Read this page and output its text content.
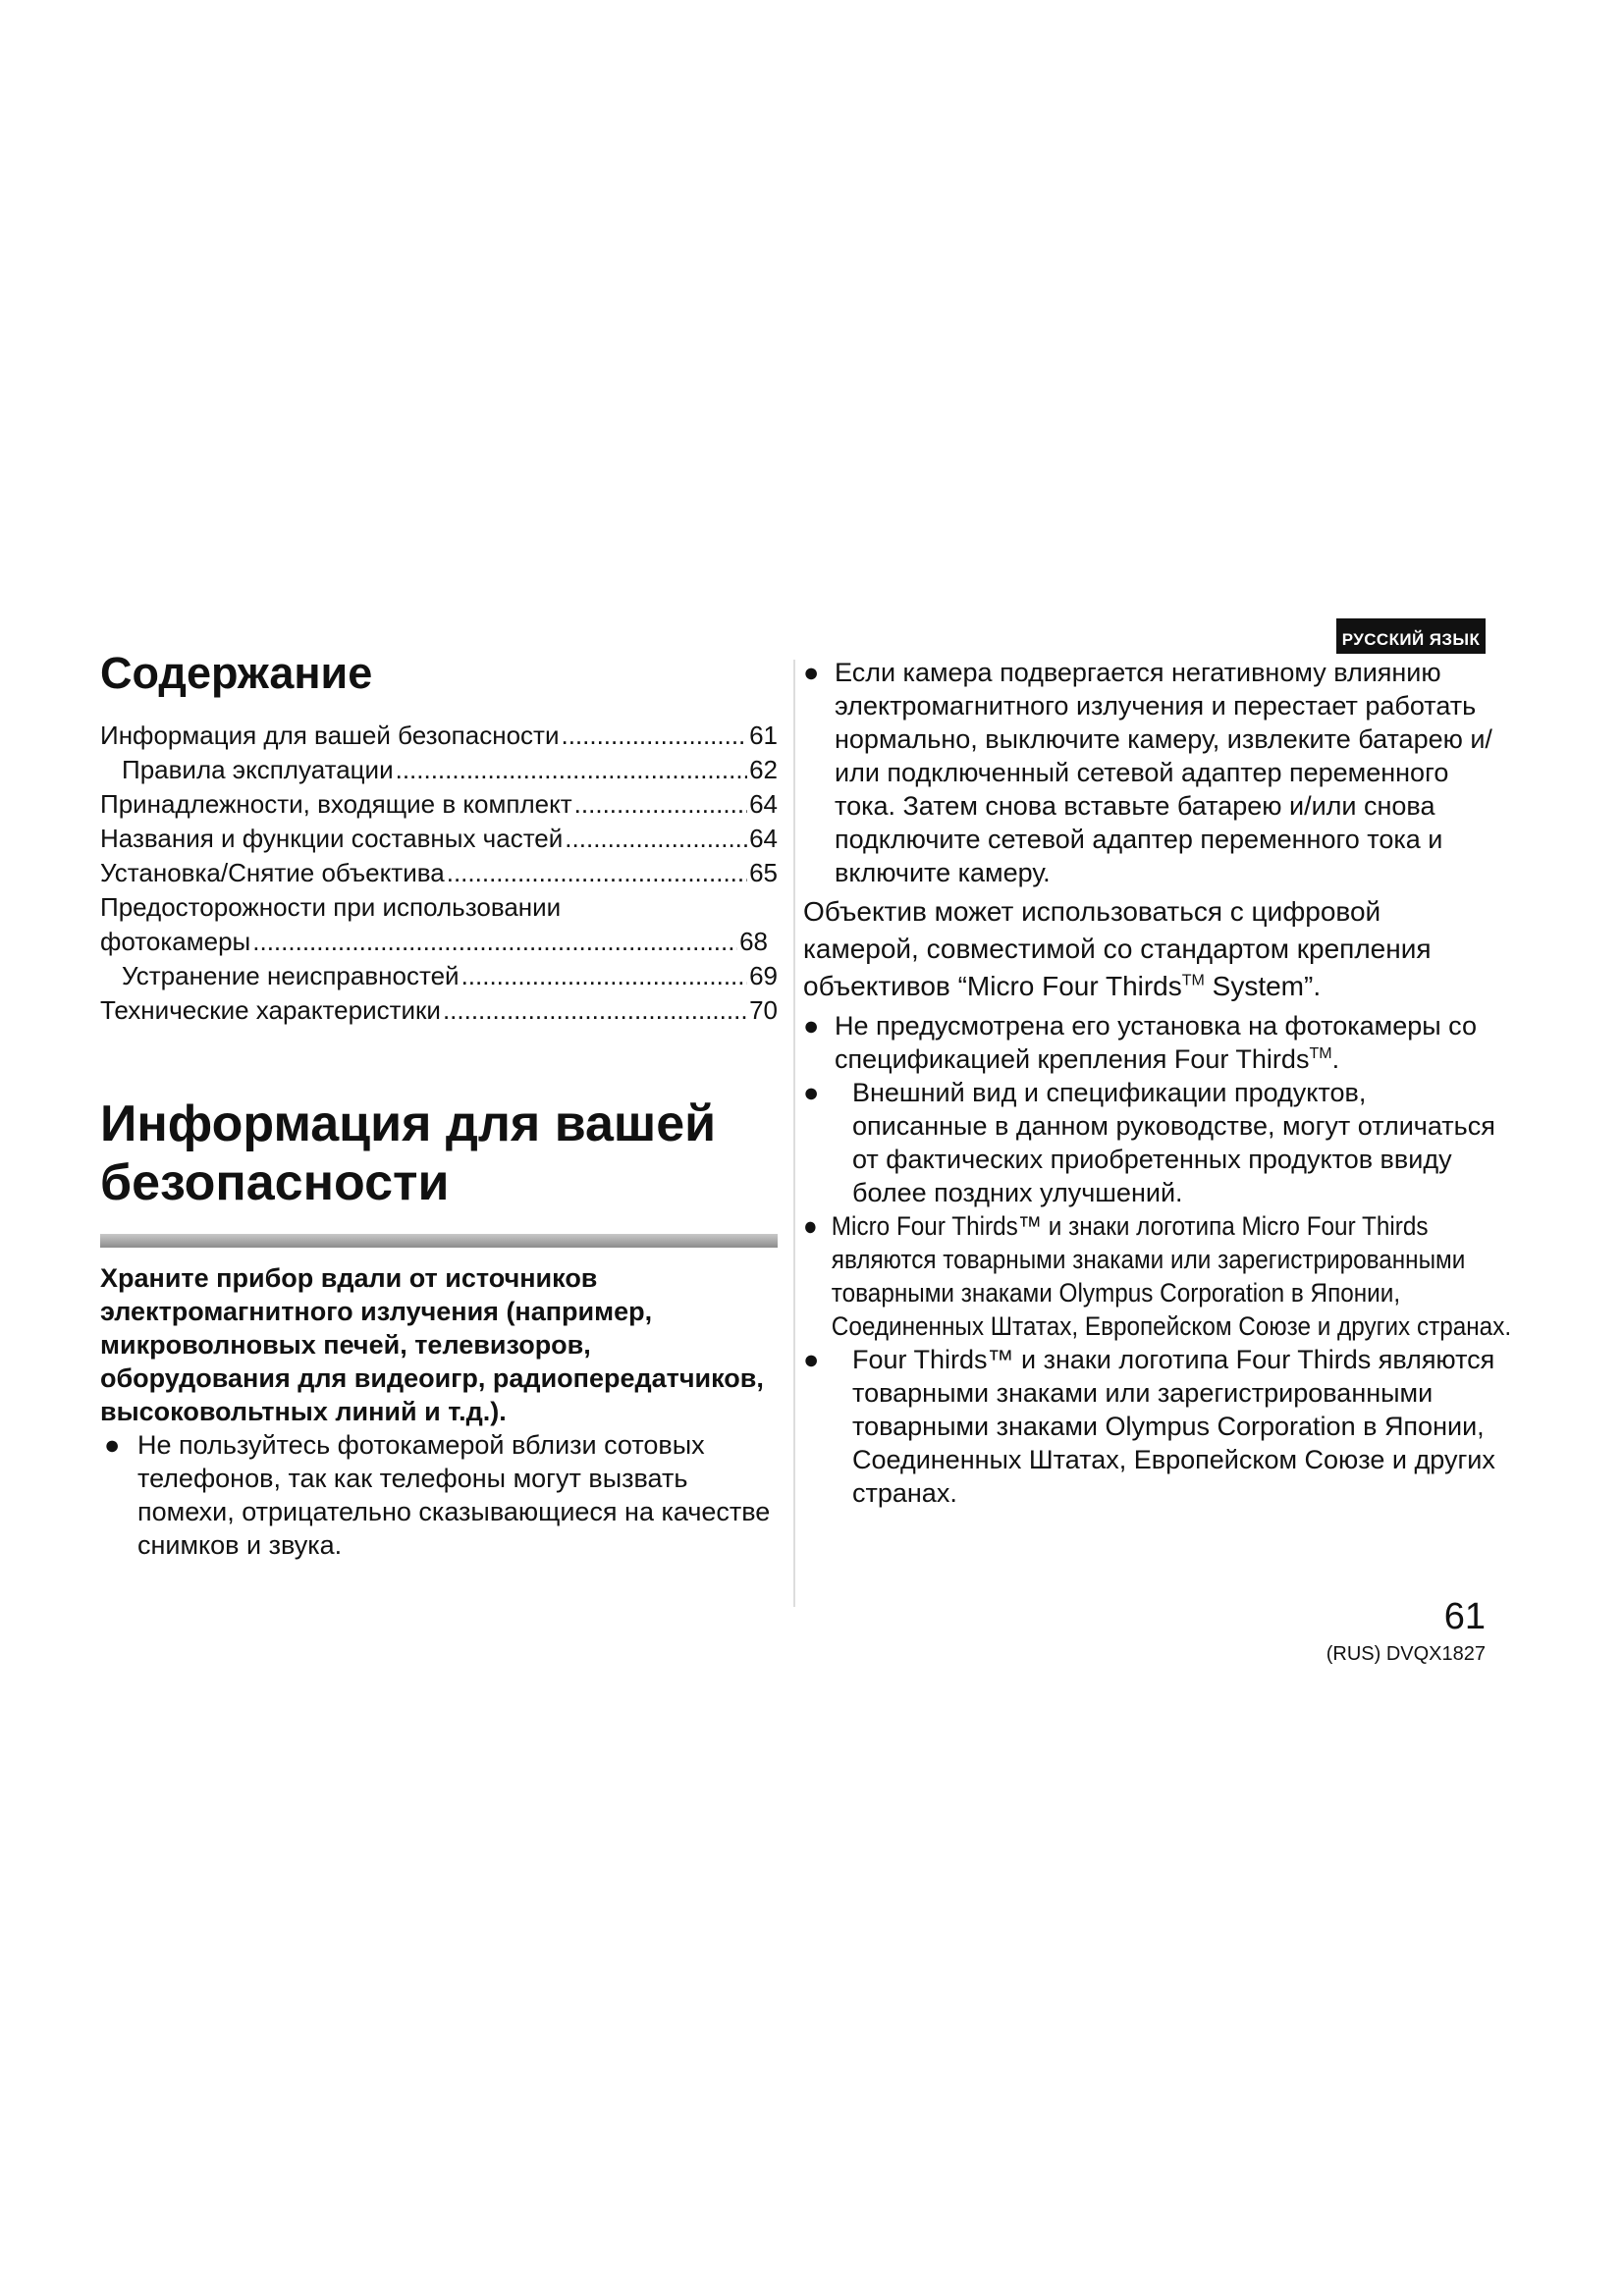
РУССКИЙ ЯЗЫК
Содержание
Информация для вашей безопасности .....	61
Правила эксплуатации .....	62
Принадлежности, входящие в комплект .....	64
Названия и функции составных частей .....	64
Установка/Снятие объектива .....	65
Предосторожности при использовании
фотокамеры .....	68
Устранение неисправностей .....	69
Технические характеристики .....	70
Информация для вашей безопасности
Храните прибор вдали от источников электромагнитного излучения (например, микроволновых печей, телевизоров, оборудования для видеоигр, радиопередатчиков, высоковольтных линий и т.д.).
● Не пользуйтесь фотокамерой вблизи сотовых телефонов, так как телефоны могут вызвать помехи, отрицательно сказывающиеся на качестве снимков и звука.
● Если камера подвергается негативному влиянию электромагнитного излучения и перестает работать нормально, выключите камеру, извлеките батарею и/или подключенный сетевой адаптер переменного тока. Затем снова вставьте батарею и/или снова подключите сетевой адаптер переменного тока и включите камеру.

Объектив может использоваться с цифровой камерой, совместимой со стандартом крепления объективов “Micro Four Thirds™ System”.

● Не предусмотрена его установка на фотокамеры со спецификацией крепления Four Thirds™.
● Внешний вид и спецификации продуктов, описанные в данном руководстве, могут отличаться от фактических приобретенных продуктов ввиду более поздних улучшений.
● Micro Four Thirds™ и знаки логотипа Micro Four Thirds являются товарными знаками или зарегистрированными товарными знаками Olympus Corporation в Японии, Соединенных Штатах, Европейском Союзе и других странах.
● Four Thirds™ и знаки логотипа Four Thirds являются товарными знаками или зарегистрированными товарными знаками Olympus Corporation в Японии, Соединенных Штатах, Европейском Союзе и других странах.
61
(RUS) DVQX1827
